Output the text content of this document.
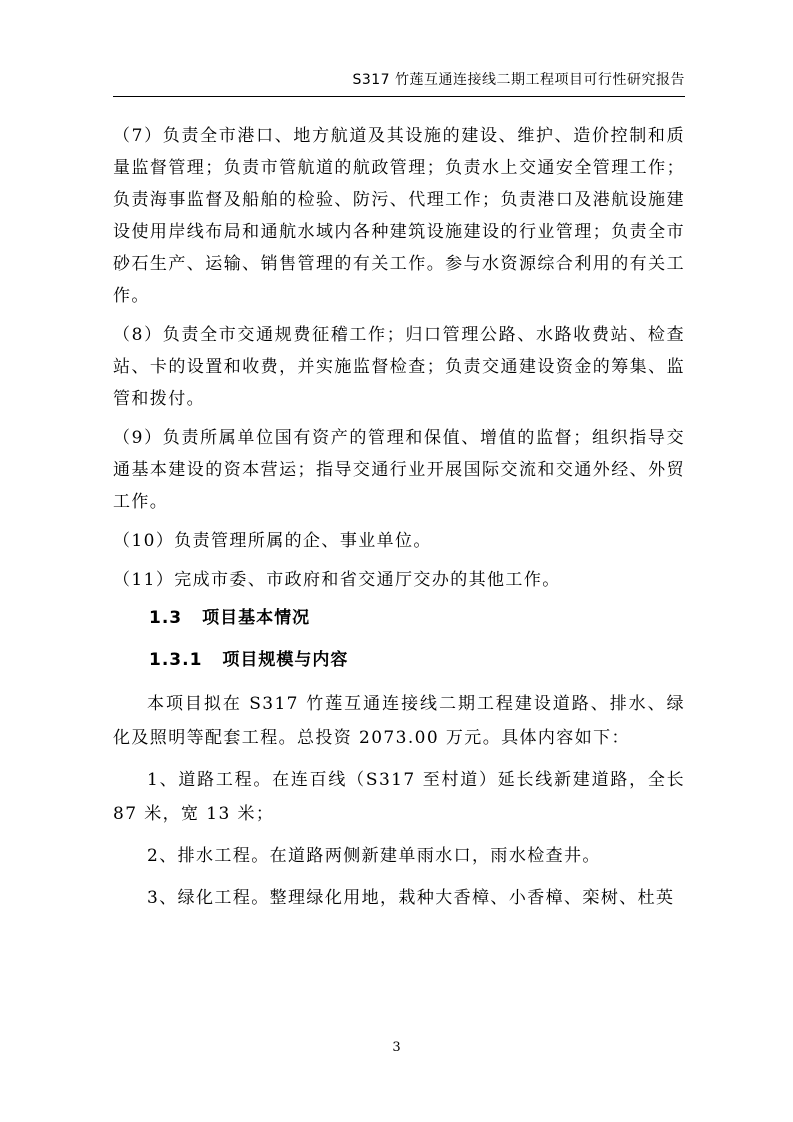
S317 竹莲互通连接线二期工程项目可行性研究报告

（7）负责全市港口、地方航道及其设施的建设、维护、造价控制和质量监督管理；负责市管航道的航政管理；负责水上交通安全管理工作；负责海事监督及船舶的检验、防污、代理工作；负责港口及港航设施建设使用岸线布局和通航水域内各种建筑设施建设的行业管理；负责全市砂石生产、运输、销售管理的有关工作。参与水资源综合利用的有关工作。

（8）负责全市交通规费征稽工作；归口管理公路、水路收费站、检查站、卡的设置和收费，并实施监督检查；负责交通建设资金的筹集、监管和拨付。

（9）负责所属单位国有资产的管理和保值、增值的监督；组织指导交通基本建设的资本营运；指导交通行业开展国际交流和交通外经、外贸工作。

（10）负责管理所属的企、事业单位。

（11）完成市委、市政府和省交通厅交办的其他工作。

1.3 项目基本情况
1.3.1 项目规模与内容

本项目拟在 S317 竹莲互通连接线二期工程建设道路、排水、绿化及照明等配套工程。总投资 2073.00 万元。具体内容如下：

1、道路工程。在连百线（S317 至村道）延长线新建道路，全长 87 米，宽 13 米；

2、排水工程。在道路两侧新建单雨水口，雨水检查井。

3、绿化工程。整理绿化用地，栽种大香樟、小香樟、栾树、杜英

3
